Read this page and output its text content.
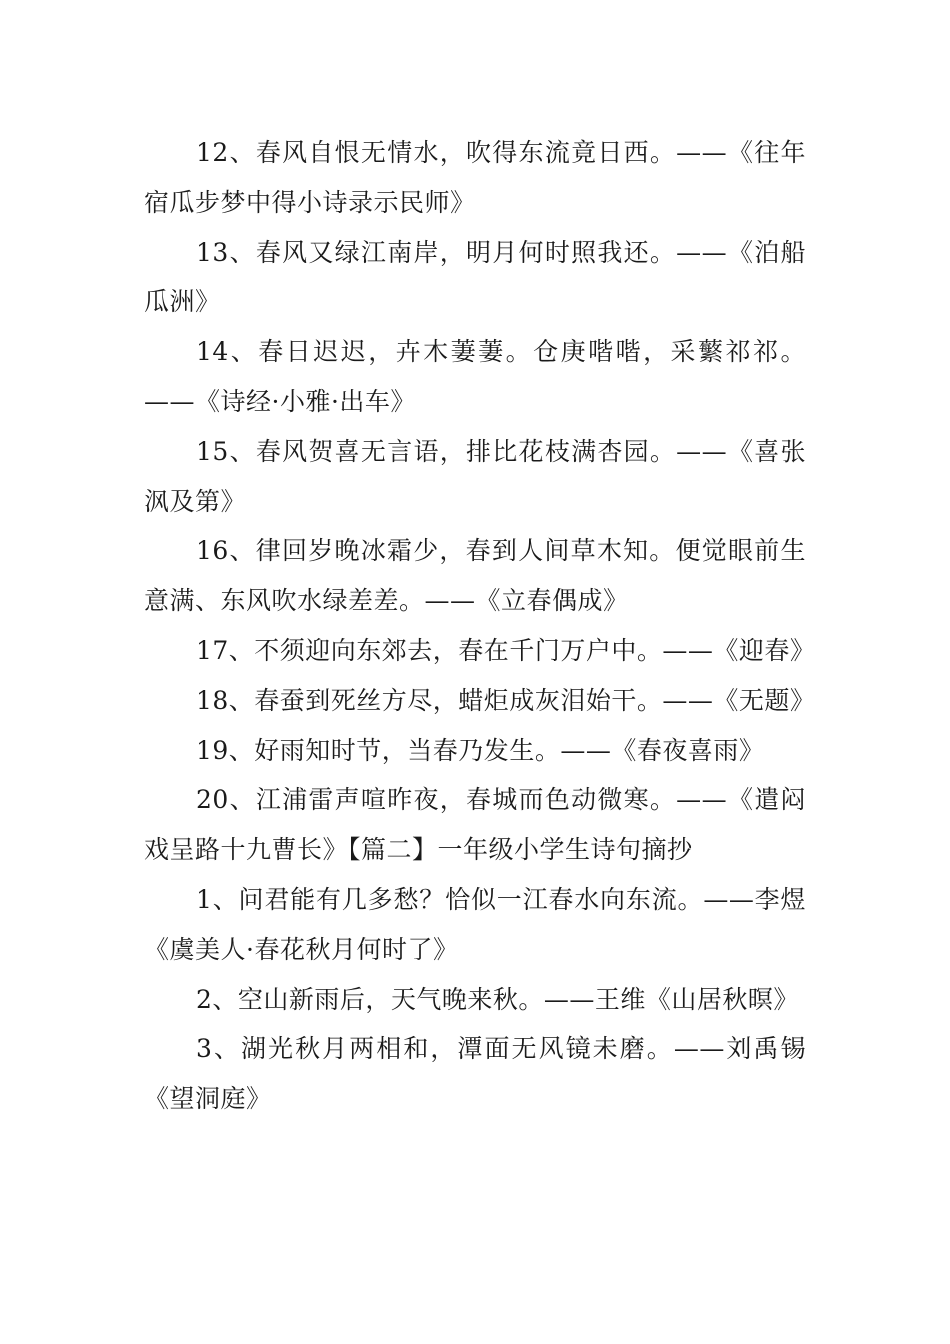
12、春风自恨无情水，吹得东流竟日西。——《往年宿瓜步梦中得小诗录示民师》

13、春风又绿江南岸，明月何时照我还。——《泊船瓜洲》

14、春日迟迟，卉木萋萋。仓庚喈喈，采蘩祁祁。——《诗经·小雅·出车》

15、春风贺喜无言语，排比花枝满杏园。——《喜张沨及第》

16、律回岁晚冰霜少，春到人间草木知。便觉眼前生意满、东风吹水绿差差。——《立春偶成》

17、不须迎向东郊去，春在千门万户中。——《迎春》

18、春蚕到死丝方尽，蜡炬成灰泪始干。——《无题》

19、好雨知时节，当春乃发生。——《春夜喜雨》

20、江浦雷声喧昨夜，春城而色动微寒。——《遣闷戏呈路十九曹长》【篇二】一年级小学生诗句摘抄

1、问君能有几多愁？恰似一江春水向东流。——李煜《虞美人·春花秋月何时了》

2、空山新雨后，天气晚来秋。——王维《山居秋暝》

3、湖光秋月两相和，潭面无风镜未磨。——刘禹锡《望洞庭》
